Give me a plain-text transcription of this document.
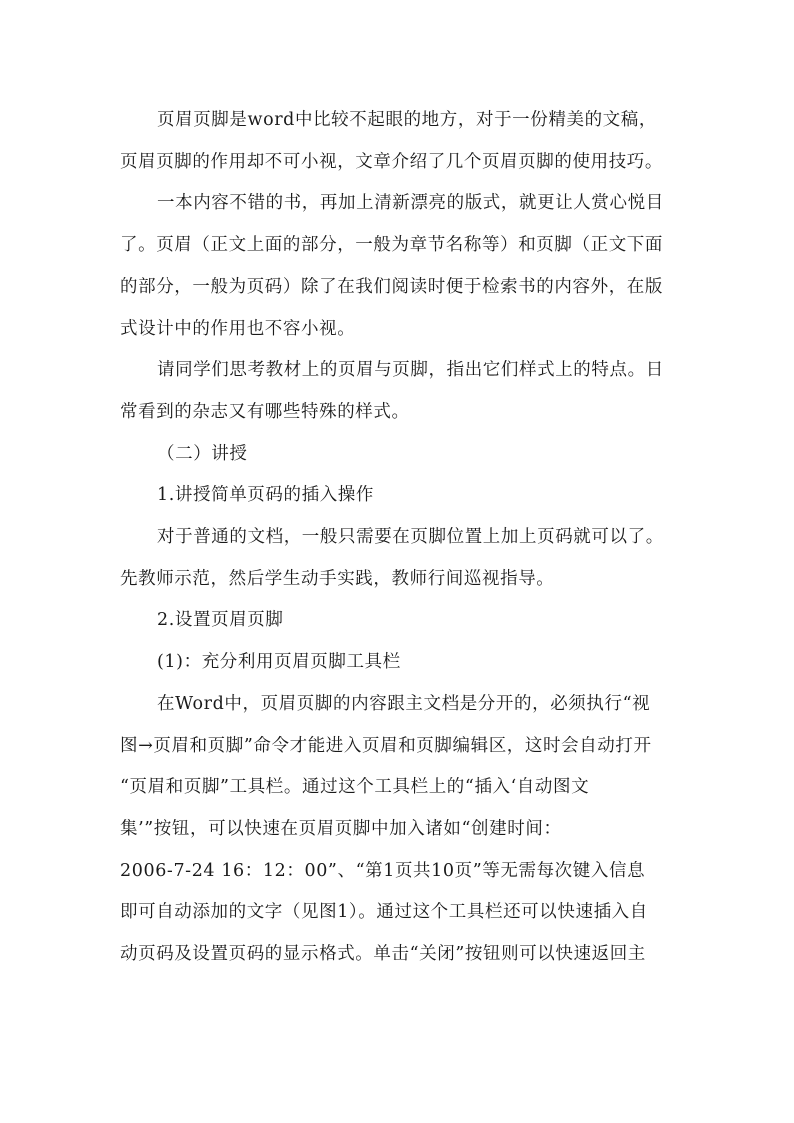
页眉页脚是word中比较不起眼的地方，对于一份精美的文稿，
页眉页脚的作用却不可小视，文章介绍了几个页眉页脚的使用技巧。

一本内容不错的书，再加上清新漂亮的版式，就更让人赏心悦目
了。页眉（正文上面的部分，一般为章节名称等）和页脚（正文下面
的部分，一般为页码）除了在我们阅读时便于检索书的内容外，在版
式设计中的作用也不容小视。

请同学们思考教材上的页眉与页脚，指出它们样式上的特点。日
常看到的杂志又有哪些特殊的样式。

（二）讲授

1.讲授简单页码的插入操作

对于普通的文档，一般只需要在页脚位置上加上页码就可以了。
先教师示范，然后学生动手实践，教师行间巡视指导。

2.设置页眉页脚

(1)：充分利用页眉页脚工具栏

在Word中，页眉页脚的内容跟主文档是分开的，必须执行“视
图→页眉和页脚”命令才能进入页眉和页脚编辑区，这时会自动打开
“页眉和页脚”工具栏。通过这个工具栏上的“插入‘自动图文
集’”按钮，可以快速在页眉页脚中加入诸如“创建时间：
2006-7-24 16：12：00”、“第1页共10页”等无需每次键入信息
即可自动添加的文字（见图1）。通过这个工具栏还可以快速插入自
动页码及设置页码的显示格式。单击“关闭”按钮则可以快速返回主
